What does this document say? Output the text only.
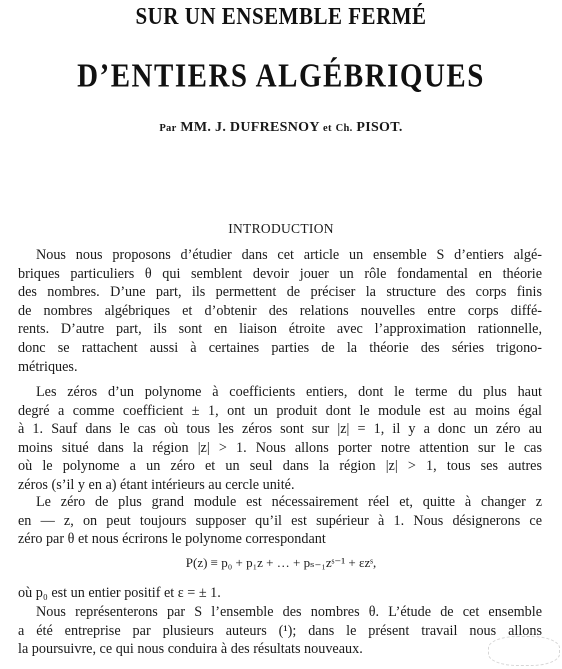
SUR UN ENSEMBLE FERMÉ
D’ENTIERS ALGÉBRIQUES
Par MM. J. DUFRESNOY et Ch. PISOT.
INTRODUCTION
Nous nous proposons d’étudier dans cet article un ensemble S d’entiers algé-
briques particuliers θ qui semblent devoir jouer un rôle fondamental en théorie
des nombres. D’une part, ils permettent de préciser la structure des corps finis
de nombres algébriques et d’obtenir des relations nouvelles entre corps diffé-
rents. D’autre part, ils sont en liaison étroite avec l’approximation rationnelle,
donc se rattachent aussi à certaines parties de la théorie des séries trigono-
métriques.
Les zéros d’un polynome à coefficients entiers, dont le terme du plus haut
degré a comme coefficient ± 1, ont un produit dont le module est au moins égal
à 1. Sauf dans le cas où tous les zéros sont sur |z| = 1, il y a donc un zéro au
moins situé dans la région |z| > 1. Nous allons porter notre attention sur le cas
où le polynome a un zéro et un seul dans la région |z| > 1, tous ses autres
zéros (s’il y en a) étant intérieurs au cercle unité.
Le zéro de plus grand module est nécessairement réel et, quitte à changer z
en — z, on peut toujours supposer qu’il est supérieur à 1. Nous désignerons ce
zéro par θ et nous écrirons le polynome correspondant
P(z) ≡ p₀ + p₁z + … + pₛ₋₁zˢ⁻¹ + εzˢ,
où p₀ est un entier positif et ε = ± 1.
Nous représenterons par S l’ensemble des nombres θ. L’étude de cet ensemble
a été entreprise par plusieurs auteurs (¹); dans le présent travail nous allons
la poursuivre, ce qui nous conduira à des résultats nouveaux.
